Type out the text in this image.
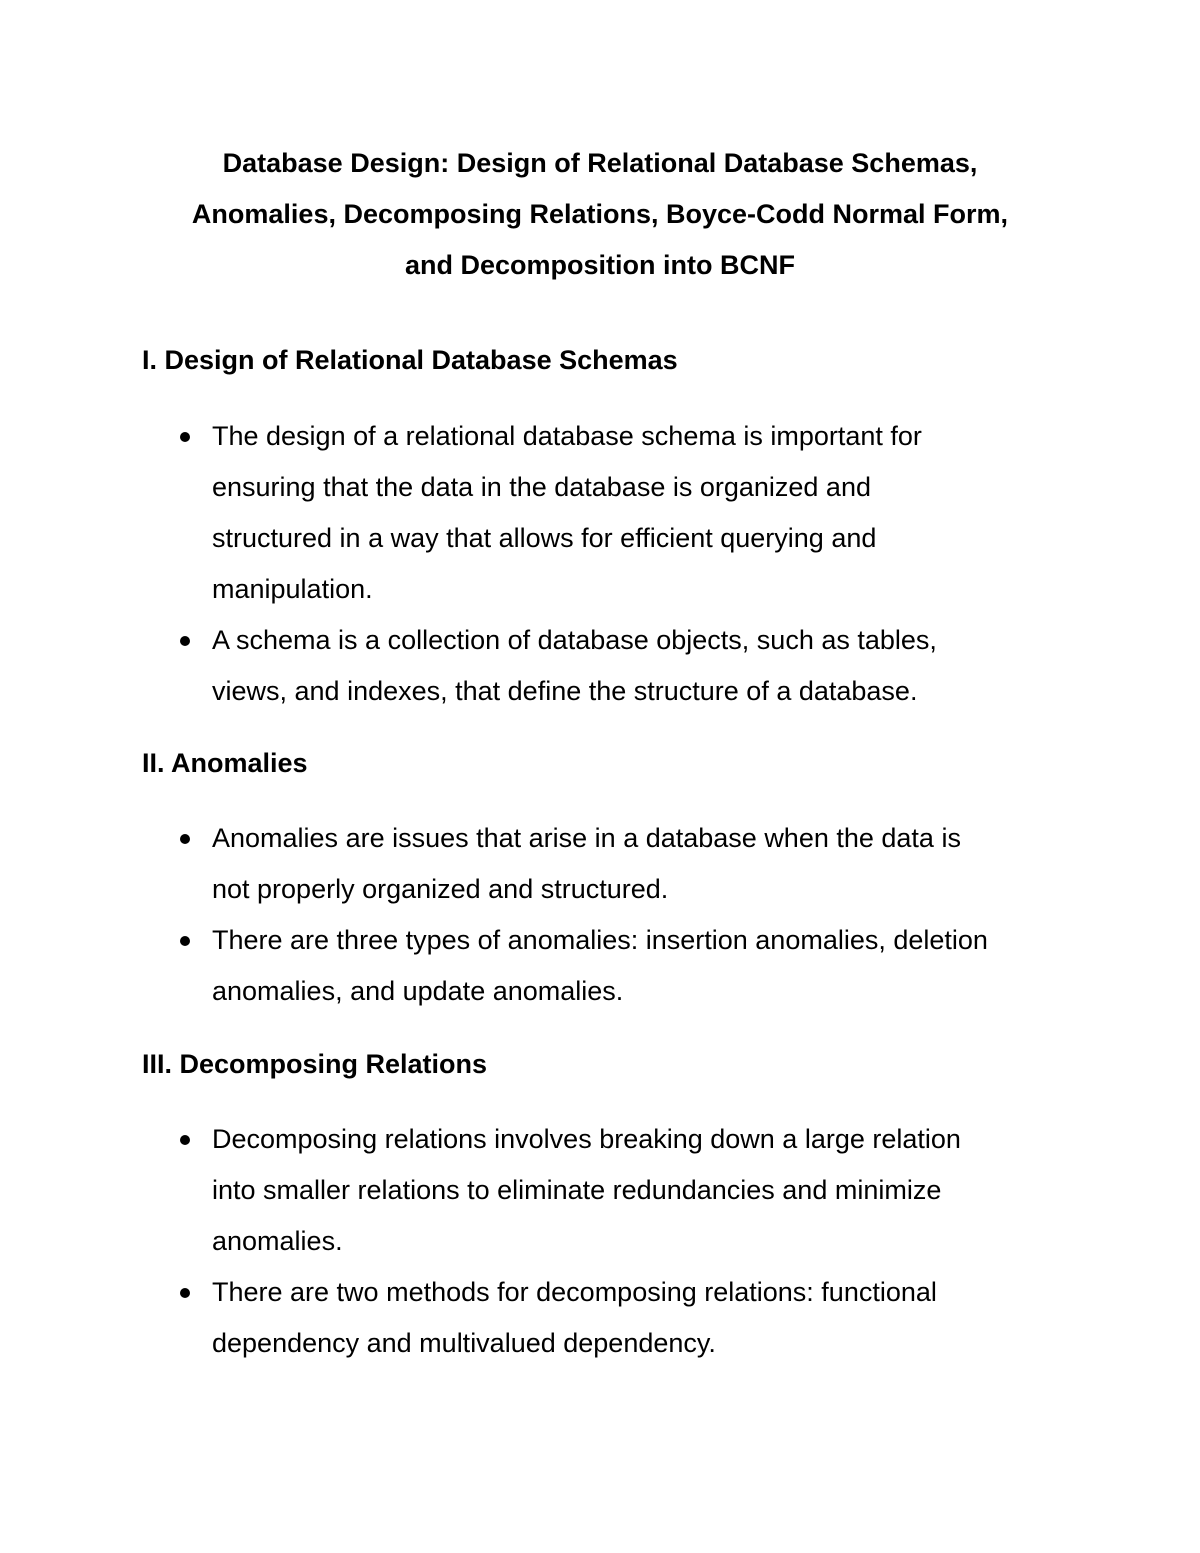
Database Design: Design of Relational Database Schemas,
Anomalies, Decomposing Relations, Boyce-Codd Normal Form,
and Decomposition into BCNF
I. Design of Relational Database Schemas
The design of a relational database schema is important for
ensuring that the data in the database is organized and
structured in a way that allows for efficient querying and
manipulation.
A schema is a collection of database objects, such as tables,
views, and indexes, that define the structure of a database.
II. Anomalies
Anomalies are issues that arise in a database when the data is
not properly organized and structured.
There are three types of anomalies: insertion anomalies, deletion
anomalies, and update anomalies.
III. Decomposing Relations
Decomposing relations involves breaking down a large relation
into smaller relations to eliminate redundancies and minimize
anomalies.
There are two methods for decomposing relations: functional
dependency and multivalued dependency.
